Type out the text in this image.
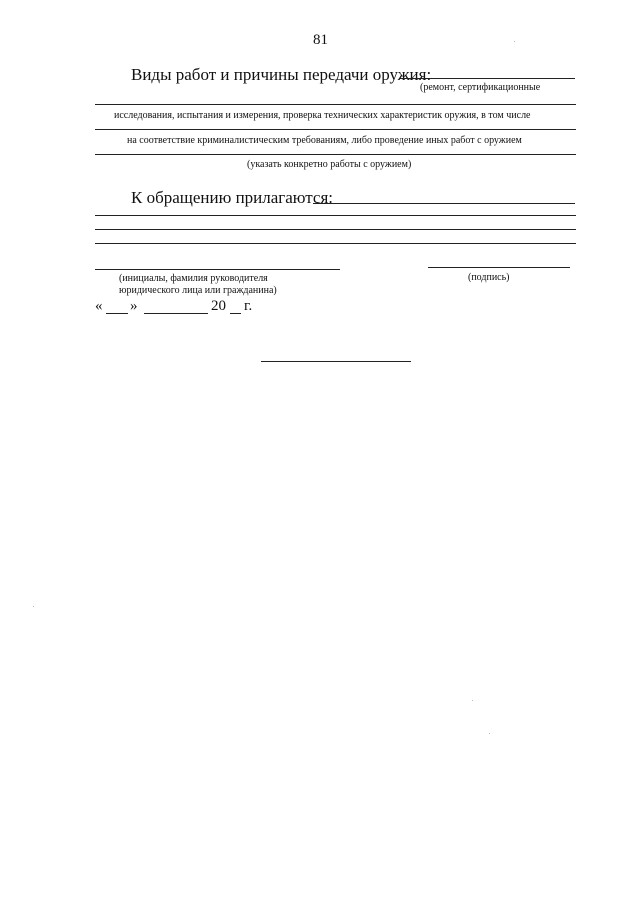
81
Виды работ и причины передачи оружия:
(ремонт, сертификационные
исследования, испытания и измерения, проверка технических характеристик оружия, в том числе
на соответствие криминалистическим требованиям, либо проведение иных работ с оружием
(указать конкретно работы с оружием)
К обращению прилагаются:
(инициалы, фамилия руководителя
юридического лица или гражданина)
(подпись)
« »	20 г.
